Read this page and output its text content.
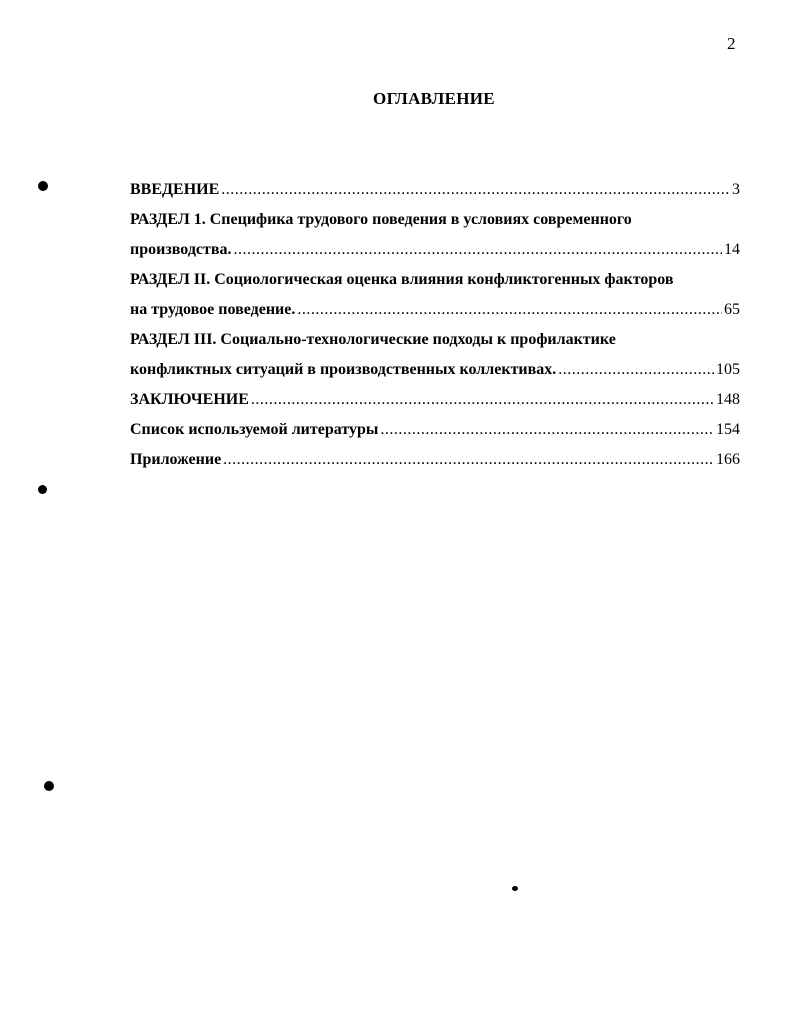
2
ОГЛАВЛЕНИЕ
ВВЕДЕНИЕ .....	3
РАЗДЕЛ 1. Специфика трудового поведения в условиях современного
производства. .....	14
РАЗДЕЛ II. Социологическая оценка влияния конфликтогенных факторов
на трудовое поведение. .....	65
РАЗДЕЛ III. Социально-технологические подходы к профилактике
конфликтных ситуаций в производственных коллективах. .....	105
ЗАКЛЮЧЕНИЕ .....	148
Список используемой литературы .....	154
Приложение .....	166
